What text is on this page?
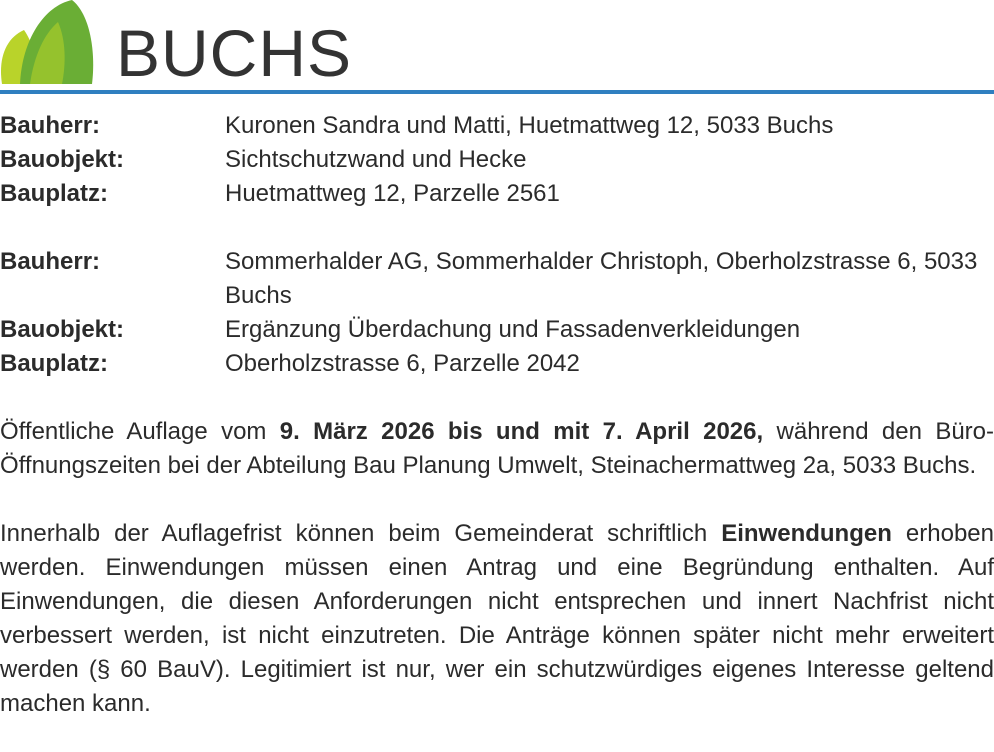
BUCHS
Bauherr:	Kuronen Sandra und Matti, Huetmattweg 12, 5033 Buchs
Bauobjekt:	Sichtschutzwand und Hecke
Bauplatz:	Huetmattweg 12, Parzelle 2561
Bauherr:	Sommerhalder AG, Sommerhalder Christoph, Oberholzstrasse 6, 5033 Buchs
Bauobjekt:	Ergänzung Überdachung und Fassadenverkleidungen
Bauplatz:	Oberholzstrasse 6, Parzelle 2042

Öffentliche Auflage vom 9. März 2026 bis und mit 7. April 2026, während den Büro-Öffnungszeiten bei der Abteilung Bau Planung Umwelt, Steinachermattweg 2a, 5033 Buchs.

Innerhalb der Auflagefrist können beim Gemeinderat schriftlich Einwendungen erhoben werden. Einwendungen müssen einen Antrag und eine Begründung enthalten. Auf Einwendungen, die diesen Anforderungen nicht entsprechen und innert Nachfrist nicht verbessert werden, ist nicht einzutreten. Die Anträge können später nicht mehr erweitert werden (§ 60 BauV). Legitimiert ist nur, wer ein schutzwürdiges eigenes Interesse geltend machen kann.
